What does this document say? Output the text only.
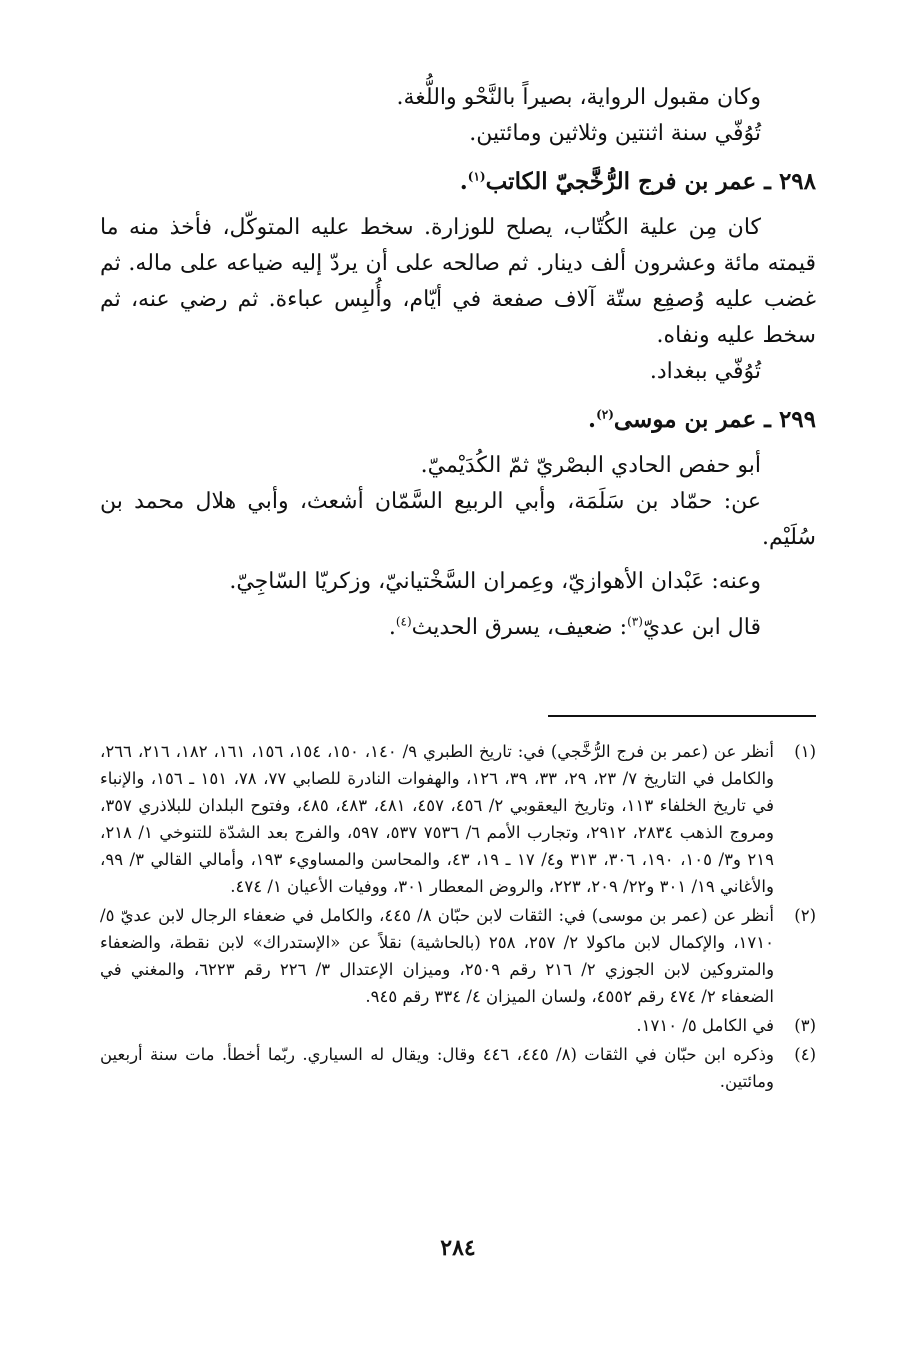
وكان مقبول الرواية، بصيراً بالنَّحْو واللُّغة.

تُوُفّي سنة اثنتين وثلاثين ومائتين.

٢٩٨ ـ عمر بن فرج الرُّخَّجيّ الكاتب$^{(١)}$.

كان مِن علية الكُتّاب، يصلح للوزارة. سخط عليه المتوكّل، فأخذ منه ما قيمته مائة وعشرون ألف دينار. ثم صالحه على أن يردّ إليه ضياعه على ماله. ثم غضب عليه وُصفِع ستّة آلاف صفعة في أيّام، وأُلبِس عباءة. ثم رضي عنه، ثم سخط عليه ونفاه.

تُوُفّي ببغداد.

٢٩٩ ـ عمر بن موسى$^{(٢)}$.

أبو حفص الحادي البصْريّ ثمّ الكُدَيْميّ.

عن: حمّاد بن سَلَمَة، وأبي الربيع السَّمّان أشعث، وأبي هلال محمد بن سُلَيْم.

وعنه: عَبْدان الأهوازيّ، وعِمران السَّخْتيانيّ، وزكريّا السّاجِيّ.

قال ابن عديّ$^{(٣)}$: ضعيف، يسرق الحديث$^{(٤)}$.

(١)
أنظر عن (عمر بن فرج الرُّخَّجي) في: تاريخ الطبري ٩/ ١٤٠، ١٥٠، ١٥٤، ١٥٦، ١٦١، ١٨٢، ٢١٦، ٢٦٦، والكامل في التاريخ ٧/ ٢٣، ٢٩، ٣٣، ٣٩، ١٢٦، والهفوات النادرة للصابي ٧٧، ٧٨، ١٥١ ـ ١٥٦، والإنباء في تاريخ الخلفاء ١١٣، وتاريخ اليعقوبي ٢/ ٤٥٦، ٤٥٧، ٤٨١، ٤٨٣، ٤٨٥، وفتوح البلدان للبلاذري ٣٥٧، ومروج الذهب ٢٨٣٤، ٢٩١٢، وتجارب الأمم ٦/ ٧٥٣٦ ٥٣٧، ٥٩٧، والفرج بعد الشدّة للتنوخي ١/ ٢١٨، ٢١٩ و٣/ ١٠٥، ١٩٠، ٣٠٦، ٣١٣ و٤/ ١٧ ـ ١٩، ٤٣، والمحاسن والمساويء ١٩٣، وأمالي القالي ٣/ ٩٩، والأغاني ١٩/ ٣٠١ و٢٢/ ٢٠٩، ٢٢٣، والروض المعطار ٣٠١، ووفيات الأعيان ١/ ٤٧٤.
(٢)
أنظر عن (عمر بن موسى) في: الثقات لابن حبّان ٨/ ٤٤٥، والكامل في ضعفاء الرجال لابن عديّ ٥/ ١٧١٠، والإكمال لابن ماكولا ٢/ ٢٥٧، ٢٥٨ (بالحاشية) نقلاً عن «الإستدراك» لابن نقطة، والضعفاء والمتروكين لابن الجوزي ٢/ ٢١٦ رقم ٢٥٠٩، وميزان الإعتدال ٣/ ٢٢٦ رقم ٦٢٢٣، والمغني في الضعفاء ٢/ ٤٧٤ رقم ٤٥٥٢، ولسان الميزان ٤/ ٣٣٤ رقم ٩٤٥.
(٣)
في الكامل ٥/ ١٧١٠.
(٤)
وذكره ابن حبّان في الثقات (٨/ ٤٤٥، ٤٤٦ وقال: ويقال له السياري. ربّما أخطأ. مات سنة أربعين ومائتين.
٢٨٤
